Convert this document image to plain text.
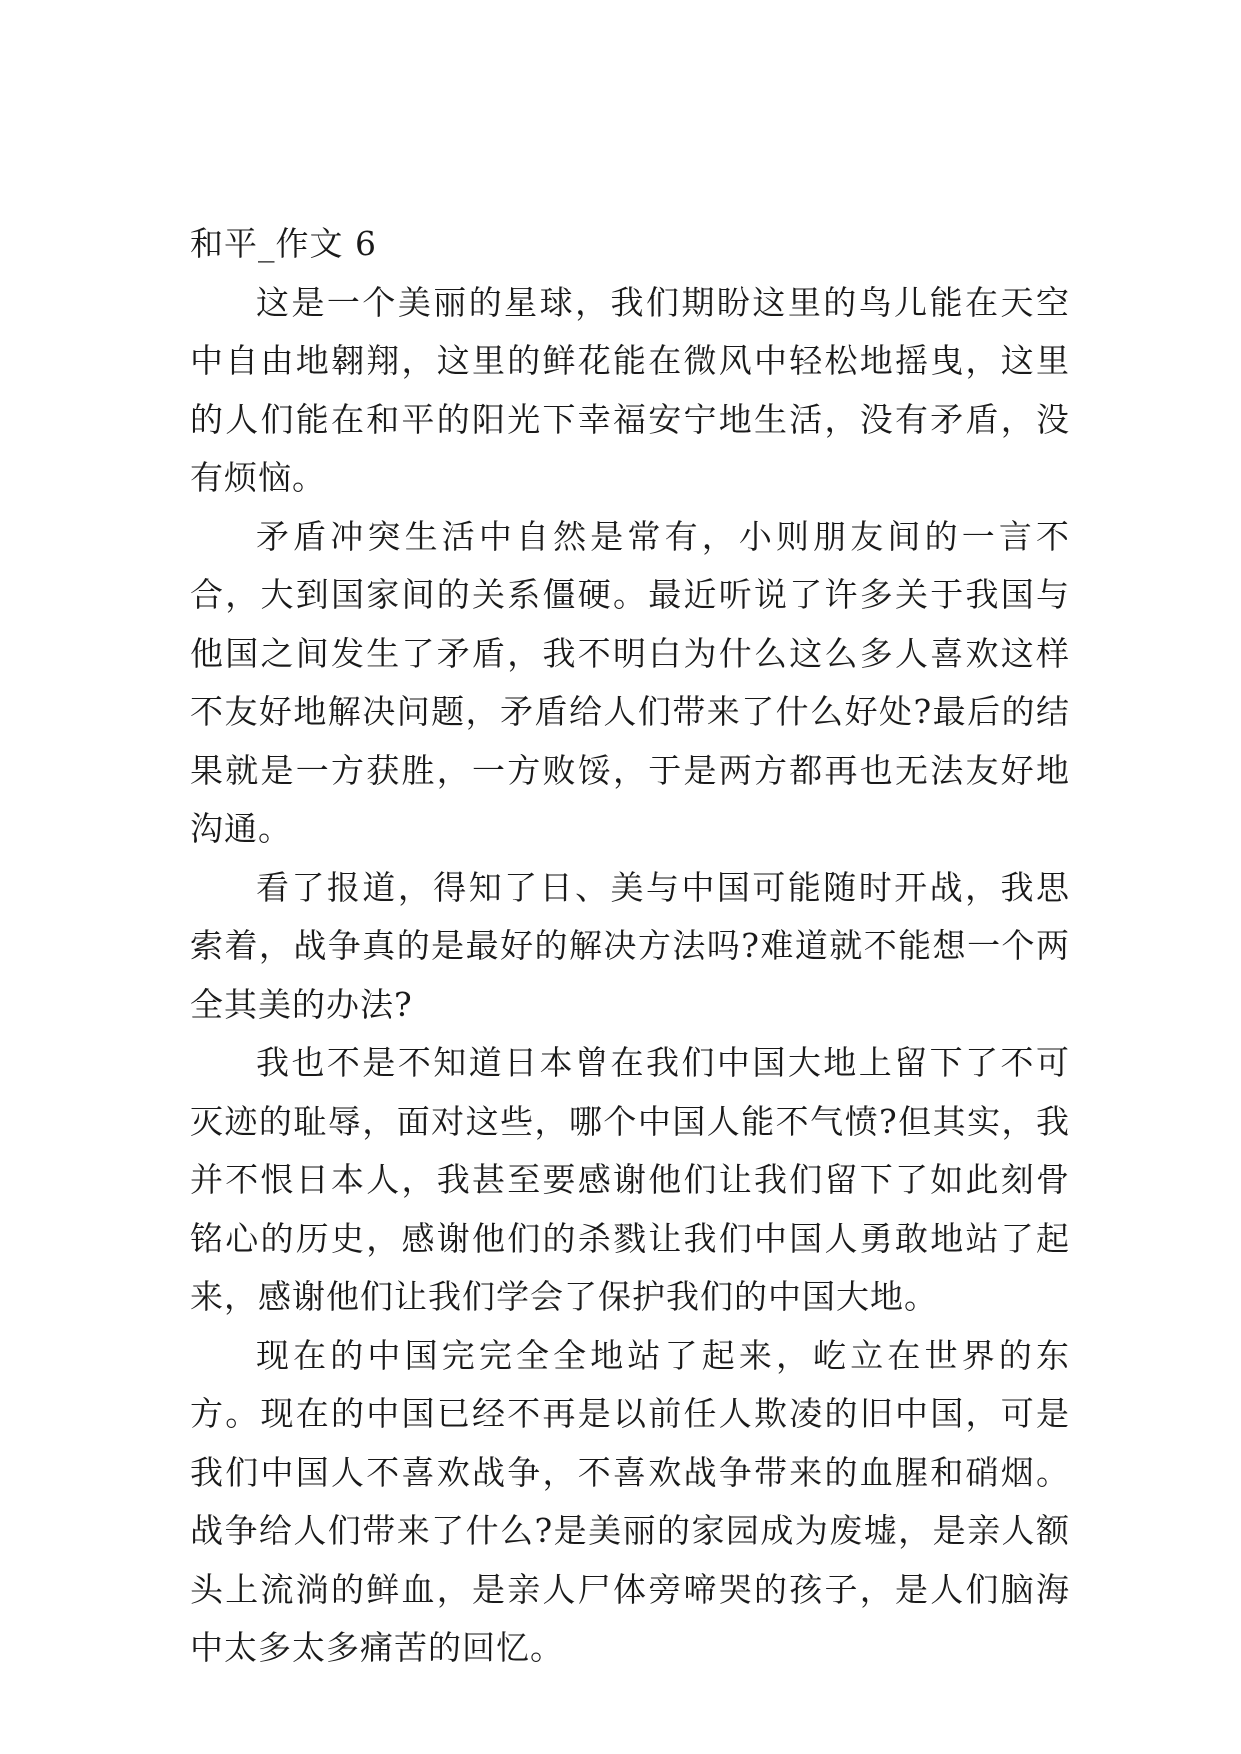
和平_作文 6

这是一个美丽的星球，我们期盼这里的鸟儿能在天空中自由地翱翔，这里的鲜花能在微风中轻松地摇曳，这里的人们能在和平的阳光下幸福安宁地生活，没有矛盾，没有烦恼。

矛盾冲突生活中自然是常有，小则朋友间的一言不合，大到国家间的关系僵硬。最近听说了许多关于我国与他国之间发生了矛盾，我不明白为什么这么多人喜欢这样不友好地解决问题，矛盾给人们带来了什么好处?最后的结果就是一方获胜，一方败馁，于是两方都再也无法友好地沟通。

看了报道，得知了日、美与中国可能随时开战，我思索着，战争真的是最好的解决方法吗?难道就不能想一个两全其美的办法?

我也不是不知道日本曾在我们中国大地上留下了不可灭迹的耻辱，面对这些，哪个中国人能不气愤?但其实，我并不恨日本人，我甚至要感谢他们让我们留下了如此刻骨铭心的历史，感谢他们的杀戮让我们中国人勇敢地站了起来，感谢他们让我们学会了保护我们的中国大地。

现在的中国完完全全地站了起来，屹立在世界的东方。现在的中国已经不再是以前任人欺凌的旧中国，可是我们中国人不喜欢战争，不喜欢战争带来的血腥和硝烟。战争给人们带来了什么?是美丽的家园成为废墟，是亲人额头上流淌的鲜血，是亲人尸体旁啼哭的孩子，是人们脑海中太多太多痛苦的回忆。
